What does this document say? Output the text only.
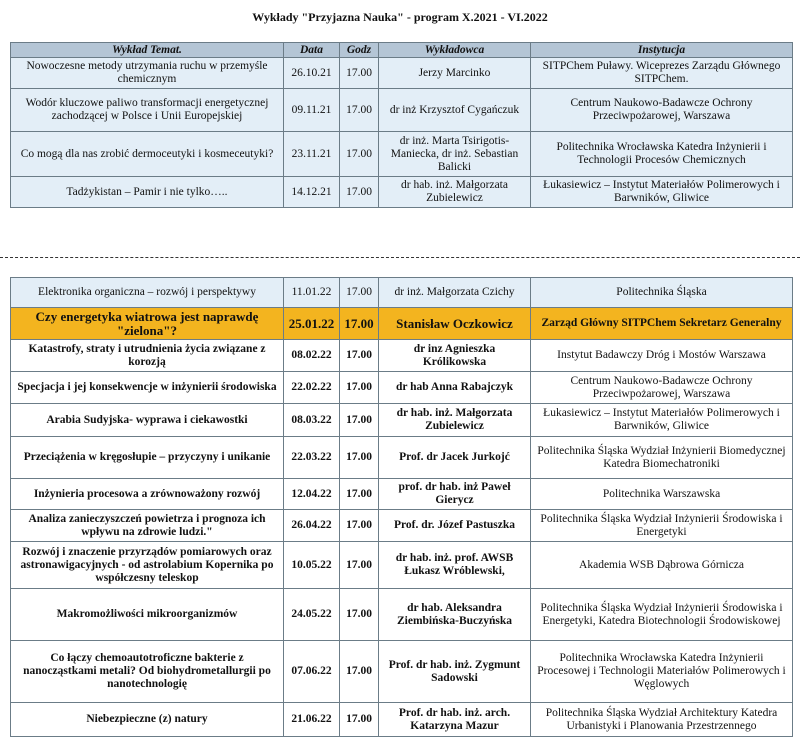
Wykłady "Przyjazna Nauka" - program X.2021 - VI.2022
Wykład Temat.	Data	Godz	Wykładowca	Instytucja
Nowoczesne metody utrzymania ruchu w przemyśle chemicznym	26.10.21	17.00	Jerzy Marcinko	SITPChem Puławy. Wiceprezes Zarządu Głównego SITPChem.
Wodór kluczowe paliwo transformacji energetycznej zachodzącej w Polsce i Unii Europejskiej	09.11.21	17.00	dr inż Krzysztof Cygańczuk	Centrum Naukowo-Badawcze Ochrony Przeciwpożarowej, Warszawa
Co mogą dla nas zrobić dermoceutyki i kosmeceutyki?	23.11.21	17.00	dr inż. Marta Tsirigotis-Maniecka, dr inż. Sebastian Balicki	Politechnika Wrocławska Katedra Inżynierii i Technologii Procesów Chemicznych
Tadżykistan – Pamir i nie tylko…..	14.12.21	17.00	dr hab. inż. Małgorzata Zubielewicz	Łukasiewicz – Instytut Materiałów Polimerowych i Barwników, Gliwice
Elektronika organiczna – rozwój i perspektywy	11.01.22	17.00	dr inż. Małgorzata Czichy	Politechnika Śląska
Czy energetyka wiatrowa jest naprawdę "zielona"?	25.01.22	17.00	Stanisław Oczkowicz	Zarząd Główny SITPChem Sekretarz Generalny
Katastrofy, straty i utrudnienia życia związane z korozją	08.02.22	17.00	dr inz Agnieszka Królikowska	Instytut Badawczy Dróg i Mostów Warszawa
Specjacja i jej konsekwencje w inżynierii środowiska	22.02.22	17.00	dr hab Anna Rabajczyk	Centrum Naukowo-Badawcze Ochrony Przeciwpożarowej, Warszawa
Arabia Sudyjska- wyprawa i ciekawostki	08.03.22	17.00	dr hab. inż. Małgorzata Zubielewicz	Łukasiewicz – Instytut Materiałów Polimerowych i Barwników, Gliwice
Przeciążenia w kręgosłupie – przyczyny i unikanie	22.03.22	17.00	Prof. dr Jacek Jurkojć	Politechnika Śląska Wydział Inżynierii Biomedycznej Katedra Biomechatroniki
Inżynieria procesowa a zrównoważony rozwój	12.04.22	17.00	prof. dr hab. inż Paweł Gierycz	Politechnika Warszawska
Analiza zanieczyszczeń powietrza i prognoza ich wpływu na zdrowie ludzi."	26.04.22	17.00	Prof. dr. Józef Pastuszka	Politechnika Śląska Wydział Inżynierii Środowiska i Energetyki
Rozwój i znaczenie przyrządów pomiarowych oraz astronawigacyjnych - od astrolabium Kopernika po współczesny teleskop	10.05.22	17.00	dr hab. inż. prof. AWSB Łukasz Wróblewski,	Akademia WSB Dąbrowa Górnicza
Makromożliwości mikroorganizmów	24.05.22	17.00	dr hab. Aleksandra Ziembińska-Buczyńska	Politechnika Śląska Wydział Inżynierii Środowiska i Energetyki, Katedra Biotechnologii Środowiskowej
Co łączy chemoautotroficzne bakterie z nanocząstkami metali? Od biohydrometallurgii po nanotechnologię	07.06.22	17.00	Prof. dr hab. inż. Zygmunt Sadowski	Politechnika Wrocławska Katedra Inżynierii Procesowej i Technologii Materiałów Polimerowych i Węglowych
Niebezpieczne (z) natury	21.06.22	17.00	Prof. dr hab. inż. arch. Katarzyna Mazur	Politechnika Śląska Wydział Architektury Katedra Urbanistyki i Planowania Przestrzennego
